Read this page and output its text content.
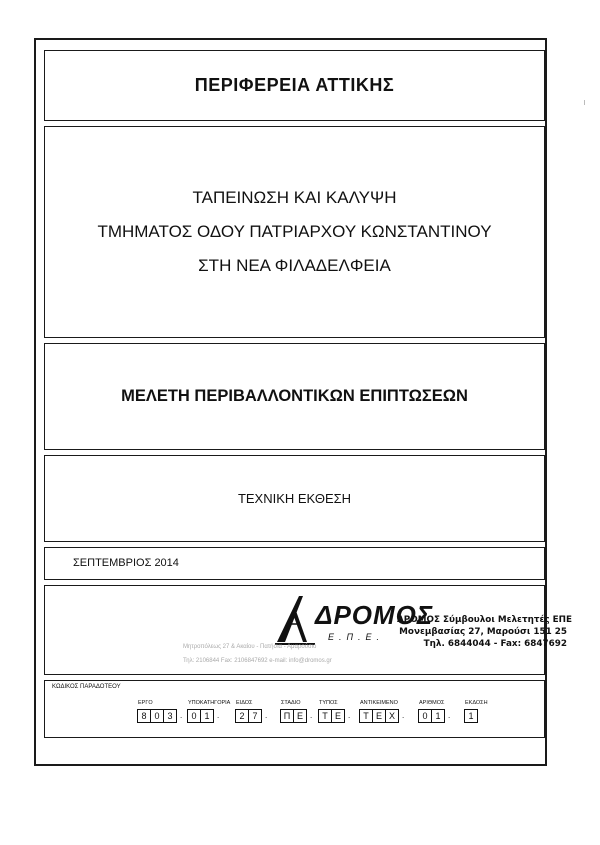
ΠΕΡΙΦΕΡΕΙΑ ΑΤΤΙΚΗΣ
ΤΑΠΕΙΝΩΣΗ ΚΑΙ ΚΑΛΥΨΗ
ΤΜΗΜΑΤΟΣ ΟΔΟΥ ΠΑΤΡΙΑΡΧΟΥ ΚΩΝΣΤΑΝΤΙΝΟΥ
ΣΤΗ ΝΕΑ ΦΙΛΑΔΕΛΦΕΙΑ
ΜΕΛΕΤΗ ΠΕΡΙΒΑΛΛΟΝΤΙΚΩΝ ΕΠΙΠΤΩΣΕΩΝ
ΤΕΧΝΙΚΗ ΕΚΘΕΣΗ
ΣΕΠΤΕΜΒΡΙΟΣ 2014
ΔΡΟΜΟΣ
Ε.Π.Ε.
Μητροπόλεως 27 & Ακαίου - Πατήσια - Αμαρούσιο
Τηλ: 2106844 Fax: 2106847692 e-mail: info@dromos.gr
ΔΡΟΜΟΣ Σύμβουλοι Μελετητές ΕΠΕ
Μονεμβασίας 27, Μαρούσι 151 25
Τηλ. 6844044 - Fax: 6847692
ΚΩΔΙΚΟΣ ΠΑΡΑΔΟΤΕΟΥ
ΕΡΓΟ
8 0 3 .
ΥΠΟΚΑΤΗΓΟΡΙΑ
0 1 .
ΕΙΔΟΣ
2 7 .
ΣΤΑΔΙΟ
Π Ε .
ΤΥΠΟΣ
Τ Ε .
ΑΝΤΙΚΕΙΜΕΝΟ
Τ Ε Χ .
ΑΡΙΘΜΟΣ
0 1 .
ΕΚΔΟΣΗ
1
